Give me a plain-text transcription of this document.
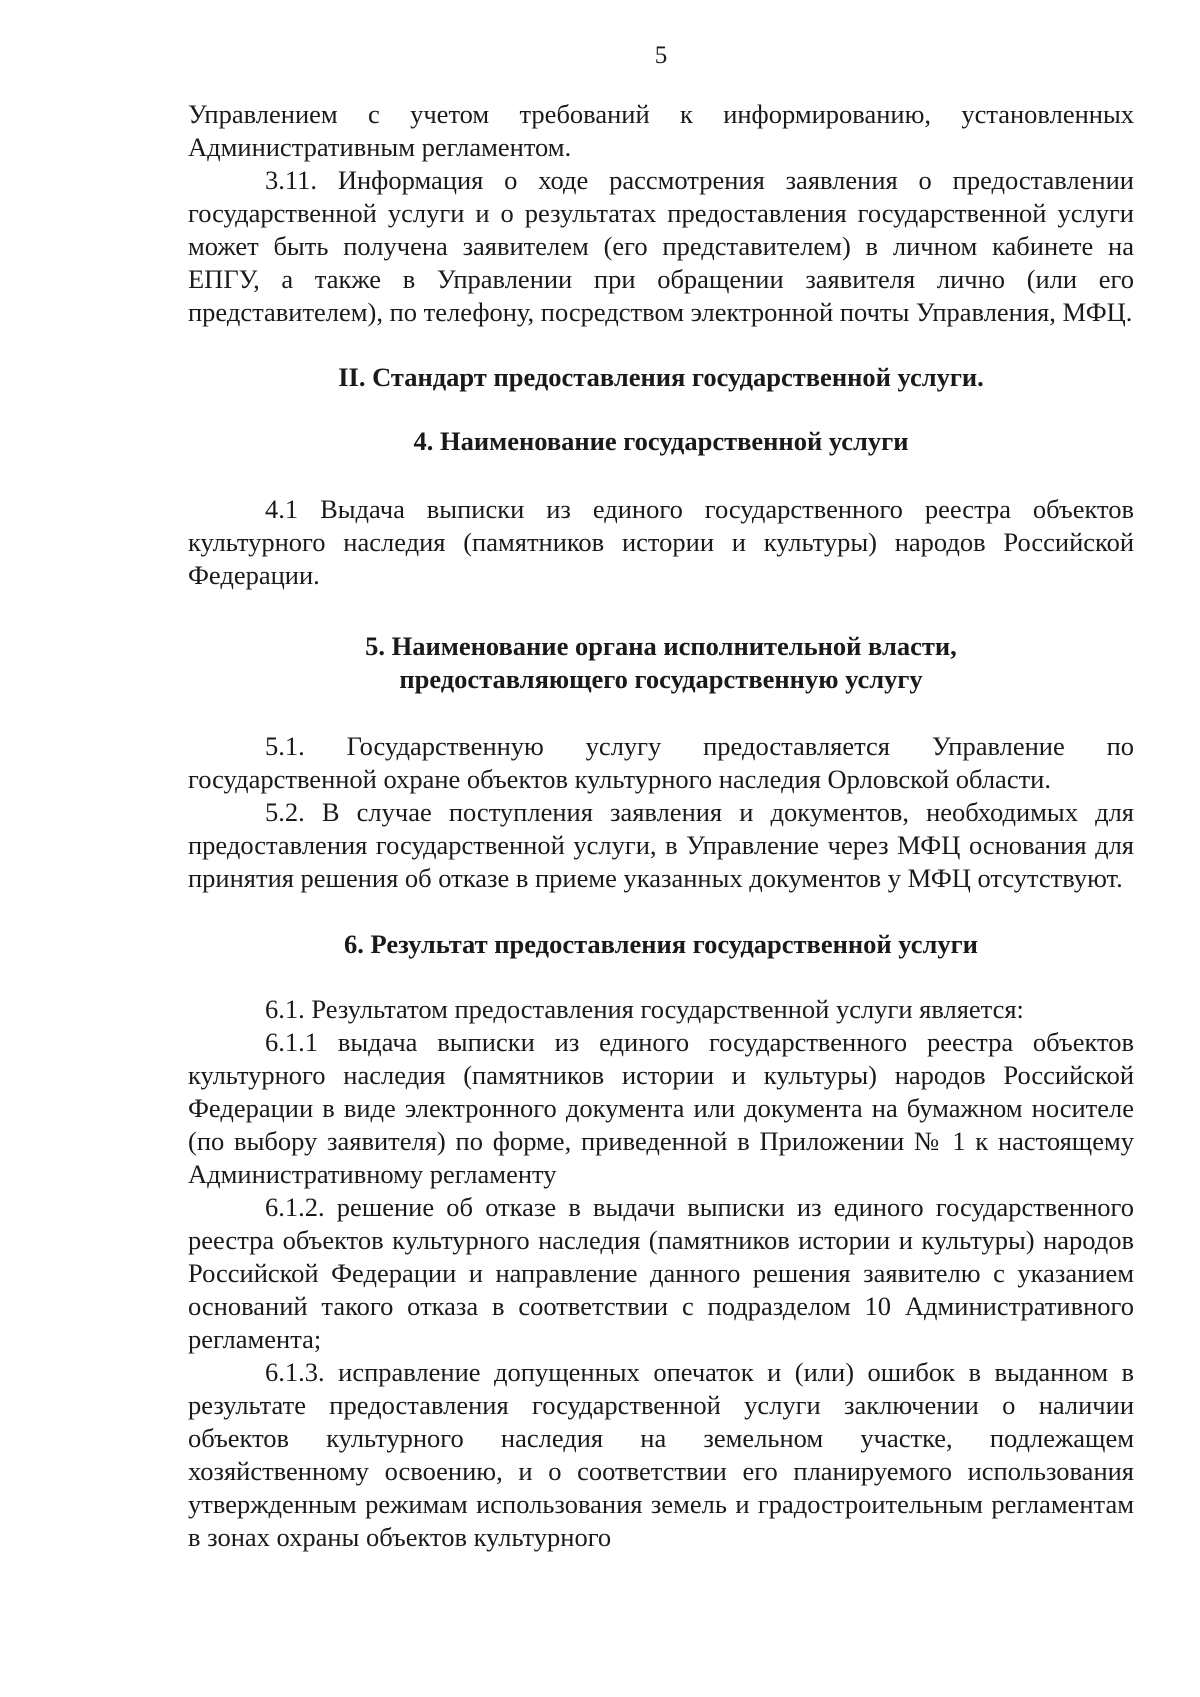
5

Управлением с учетом требований к информированию, установленных Административным регламентом.

3.11. Информация о ходе рассмотрения заявления о предоставлении государственной услуги и о результатах предоставления государственной услуги может быть получена заявителем (его представителем) в личном кабинете на ЕПГУ, а также в Управлении при обращении заявителя лично (или его представителем), по телефону, посредством электронной почты Управления, МФЦ.

II. Стандарт предоставления государственной услуги.
4. Наименование государственной услуги

4.1 Выдача выписки из единого государственного реестра объектов культурного наследия (памятников истории и культуры) народов Российской Федерации.

5. Наименование органа исполнительной власти,
предоставляющего государственную услугу

5.1. Государственную услугу предоставляется Управление по государственной охране объектов культурного наследия Орловской области.

5.2. В случае поступления заявления и документов, необходимых для предоставления государственной услуги, в Управление через МФЦ основания для принятия решения об отказе в приеме указанных документов у МФЦ отсутствуют.

6. Результат предоставления государственной услуги

6.1. Результатом предоставления государственной услуги является:

6.1.1 выдача выписки из единого государственного реестра объектов культурного наследия (памятников истории и культуры) народов Российской Федерации в виде электронного документа или документа на бумажном носителе (по выбору заявителя) по форме, приведенной в Приложении № 1 к настоящему Административному регламенту

6.1.2. решение об отказе в выдачи выписки из единого государственного реестра объектов культурного наследия (памятников истории и культуры) народов Российской Федерации и направление данного решения заявителю с указанием оснований такого отказа в соответствии с подразделом 10 Административного регламента;

6.1.3. исправление допущенных опечаток и (или) ошибок в выданном в результате предоставления государственной услуги заключении о наличии объектов культурного наследия на земельном участке, подлежащем хозяйственному освоению, и о соответствии его планируемого использования утвержденным режимам использования земель и градостроительным регламентам в зонах охраны объектов культурного
